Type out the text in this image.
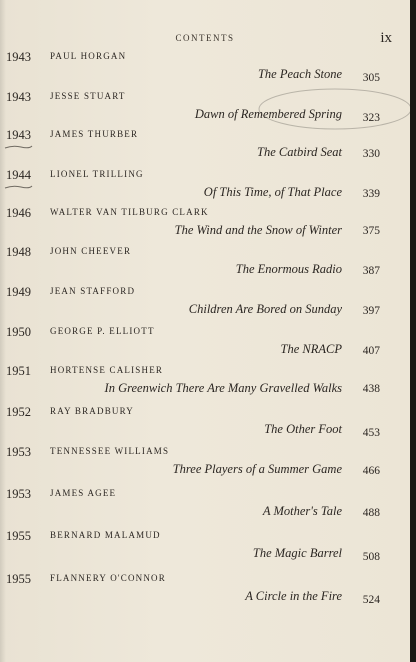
CONTENTS	ix
1943 PAUL HORGAN
The Peach Stone 305
1943 JESSE STUART
Dawn of Remembered Spring 323
1943 JAMES THURBER
The Catbird Seat 330
1944 LIONEL TRILLING
Of This Time, of That Place 339
1946 WALTER VAN TILBURG CLARK
The Wind and the Snow of Winter 375
1948 JOHN CHEEVER
The Enormous Radio 387
1949 JEAN STAFFORD
Children Are Bored on Sunday 397
1950 GEORGE P. ELLIOTT
The NRACP 407
1951 HORTENSE CALISHER
In Greenwich There Are Many Gravelled Walks 438
1952 RAY BRADBURY
The Other Foot 453
1953 TENNESSEE WILLIAMS
Three Players of a Summer Game 466
1953 JAMES AGEE
A Mother's Tale 488
1955 BERNARD MALAMUD
The Magic Barrel 508
1955 FLANNERY O'CONNOR
A Circle in the Fire 524
